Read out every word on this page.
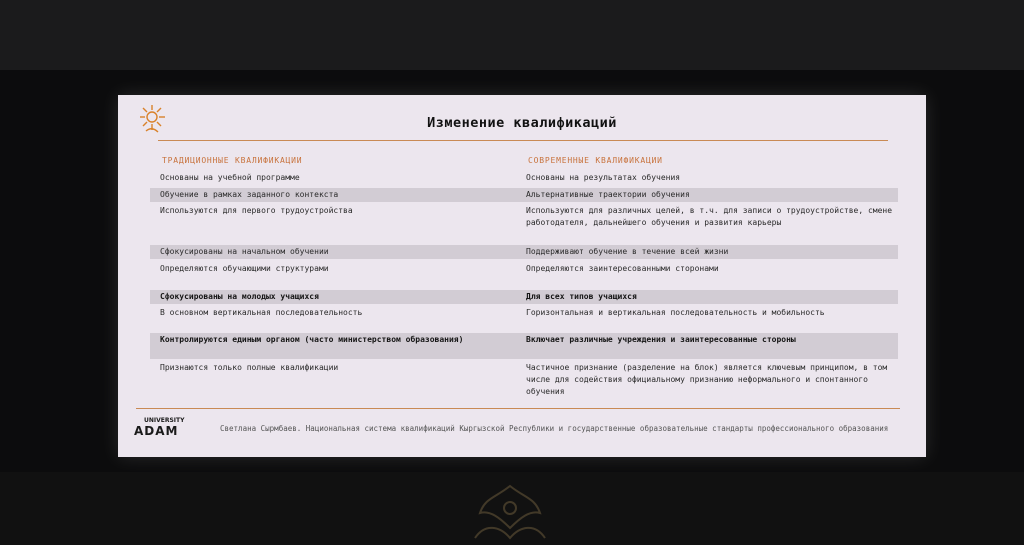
Изменение квалификаций
ТРАДИЦИОННЫЕ КВАЛИФИКАЦИИ	СОВРЕМЕННЫЕ КВАЛИФИКАЦИИ
Основаны на учебной программе	Основаны на результатах обучения
Обучение в рамках заданного контекста	Альтернативные траектории обучения
Используются для первого трудоустройства	Используются для различных целей, в т.ч. для записи о трудоустройстве, смене работодателя, дальнейшего обучения и развития карьеры
Сфокусированы на начальном обучении	Поддерживают обучение в течение всей жизни
Определяются обучающими структурами	Определяются заинтересованными сторонами
Сфокусированы на молодых учащихся	Для всех типов учащихся
В основном вертикальная последовательность	Горизонтальная и вертикальная последовательность и мобильность
Контролируются единым органом (часто министерством образования)	Включает различные учреждения и заинтересованные стороны
Признаются только полные квалификации	Частичное признание (разделение на блок) является ключевым принципом, в том числе для содействия официальному признанию неформального и спонтанного обучения
UNIVERSITY
ADAM	Светлана Сырмбаев. Национальная система квалификаций Кыргызской Республики и государственные образовательные стандарты профессионального образования
